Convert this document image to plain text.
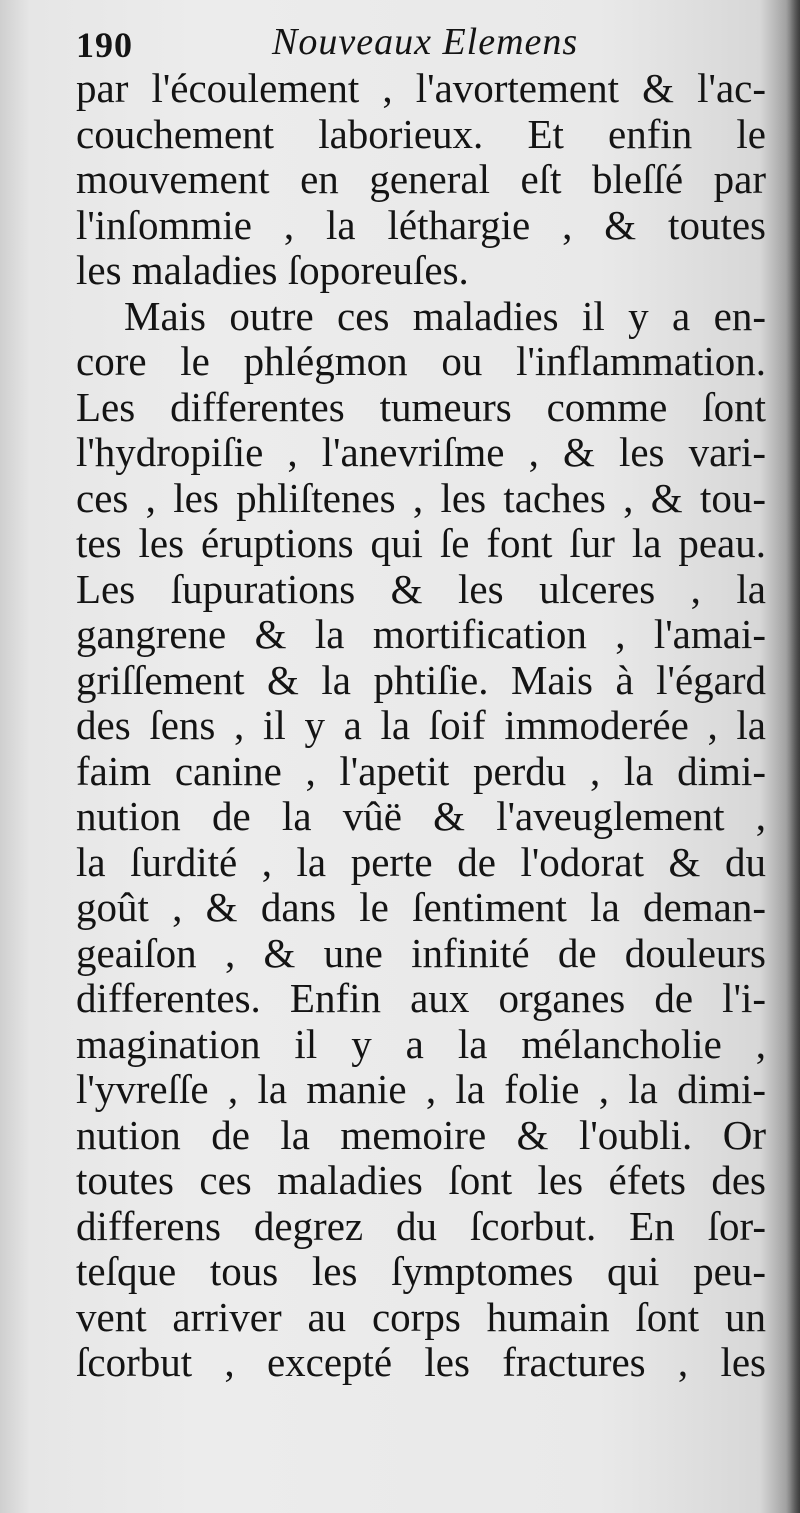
190	Nouveaux Elemens
par l'écoulement , l'avortement & l'ac-
couchement laborieux. Et enfin le
mouvement en general eſt bleſſé par
l'inſommie , la léthargie , & toutes
les maladies ſoporeuſes.
Mais outre ces maladies il y a en-
core le phlégmon ou l'inflammation.
Les differentes tumeurs comme ſont
l'hydropiſie , l'anevriſme , & les vari-
ces , les phliſtenes , les taches , & tou-
tes les éruptions qui ſe font ſur la peau.
Les ſupurations & les ulceres , la
gangrene & la mortification , l'amai-
griſſement & la phtiſie. Mais à l'égard
des ſens , il y a la ſoif immoderée , la
faim canine , l'apetit perdu , la dimi-
nution de la vûë & l'aveuglement ,
la ſurdité , la perte de l'odorat & du
goût , & dans le ſentiment la deman-
geaiſon , & une infinité de douleurs
differentes. Enfin aux organes de l'i-
magination il y a la mélancholie ,
l'yvreſſe , la manie , la folie , la dimi-
nution de la memoire & l'oubli. Or
toutes ces maladies ſont les éfets des
differens degrez du ſcorbut. En ſor-
teſque tous les ſymptomes qui peu-
vent arriver au corps humain ſont un
ſcorbut , excepté les fractures , les
